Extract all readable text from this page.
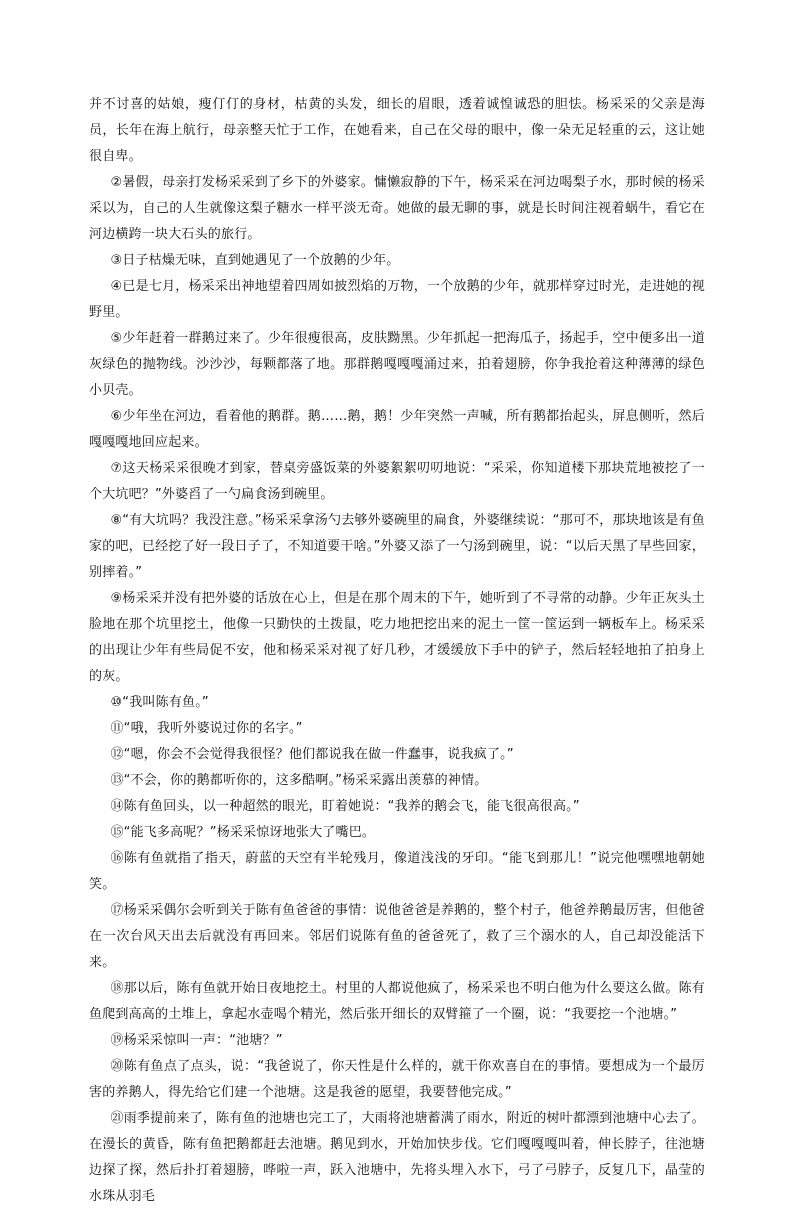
并不讨喜的姑娘，瘦仃仃的身材，枯黄的头发，细长的眉眼，透着诚惶诚恐的胆怯。杨采采的父亲是海员，长年在海上航行，母亲整天忙于工作，在她看来，自己在父母的眼中，像一朵无足轻重的云，这让她很自卑。

②暑假，母亲打发杨采采到了乡下的外婆家。慵懒寂静的下午，杨采采在河边喝梨子水，那时候的杨采采以为，自己的人生就像这梨子糖水一样平淡无奇。她做的最无聊的事，就是长时间注视着蜗牛，看它在河边横跨一块大石头的旅行。

③日子枯燥无味，直到她遇见了一个放鹅的少年。

④已是七月，杨采采出神地望着四周如披烈焰的万物，一个放鹅的少年，就那样穿过时光，走进她的视野里。

⑤少年赶着一群鹅过来了。少年很瘦很高，皮肤黝黑。少年抓起一把海瓜子，扬起手，空中便多出一道灰绿色的抛物线。沙沙沙，每颗都落了地。那群鹅嘎嘎嘎涌过来，拍着翅膀，你争我抢着这种薄薄的绿色小贝壳。

⑥少年坐在河边，看着他的鹅群。鹅……鹅，鹅！少年突然一声喊，所有鹅都抬起头，屏息侧听，然后嘎嘎嘎地回应起来。

⑦这天杨采采很晚才到家，替桌旁盛饭菜的外婆絮絮叨叨地说：“采采，你知道楼下那块荒地被挖了一个大坑吧？”外婆舀了一勺扁食汤到碗里。

⑧“有大坑吗？我没注意。”杨采采拿汤勺去够外婆碗里的扁食，外婆继续说：“那可不，那块地该是有鱼家的吧，已经挖了好一段日子了，不知道要干啥。”外婆又添了一勺汤到碗里，说：“以后天黑了早些回家，别摔着。”

⑨杨采采并没有把外婆的话放在心上，但是在那个周末的下午，她听到了不寻常的动静。少年正灰头土脸地在那个坑里挖土，他像一只勤快的土拨鼠，吃力地把挖出来的泥土一筐一筐运到一辆板车上。杨采采的出现让少年有些局促不安，他和杨采采对视了好几秒，才缓缓放下手中的铲子，然后轻轻地拍了拍身上的灰。

⑩“我叫陈有鱼。”

⑪“哦，我听外婆说过你的名字。”

⑫“嗯，你会不会觉得我很怪？他们都说我在做一件蠢事，说我疯了。”

⑬“不会，你的鹅都听你的，这多酷啊。”杨采采露出羡慕的神情。

⑭陈有鱼回头，以一种超然的眼光，盯着她说：“我养的鹅会飞，能飞很高很高。”

⑮“能飞多高呢？”杨采采惊讶地张大了嘴巴。

⑯陈有鱼就指了指天，蔚蓝的天空有半轮残月，像道浅浅的牙印。“能飞到那儿！”说完他嘿嘿地朝她笑。

⑰杨采采偶尔会听到关于陈有鱼爸爸的事情：说他爸爸是养鹅的，整个村子，他爸养鹅最厉害，但他爸在一次台风天出去后就没有再回来。邻居们说陈有鱼的爸爸死了，救了三个溺水的人，自己却没能活下来。

⑱那以后，陈有鱼就开始日夜地挖土。村里的人都说他疯了，杨采采也不明白他为什么要这么做。陈有鱼爬到高高的土堆上，拿起水壶喝个精光，然后张开细长的双臂箍了一个圈，说：“我要挖一个池塘。”

⑲杨采采惊叫一声：“池塘？”

⑳陈有鱼点了点头，说：“我爸说了，你天性是什么样的，就干你欢喜自在的事情。要想成为一个最厉害的养鹅人，得先给它们建一个池塘。这是我爸的愿望，我要替他完成。”

㉑雨季提前来了，陈有鱼的池塘也完工了，大雨将池塘蓄满了雨水，附近的树叶都漂到池塘中心去了。在漫长的黄昏，陈有鱼把鹅都赶去池塘。鹅见到水，开始加快步伐。它们嘎嘎嘎叫着，伸长脖子，往池塘边探了探，然后扑打着翅膀，哗啦一声，跃入池塘中，先将头埋入水下，弓了弓脖子，反复几下，晶莹的水珠从羽毛
